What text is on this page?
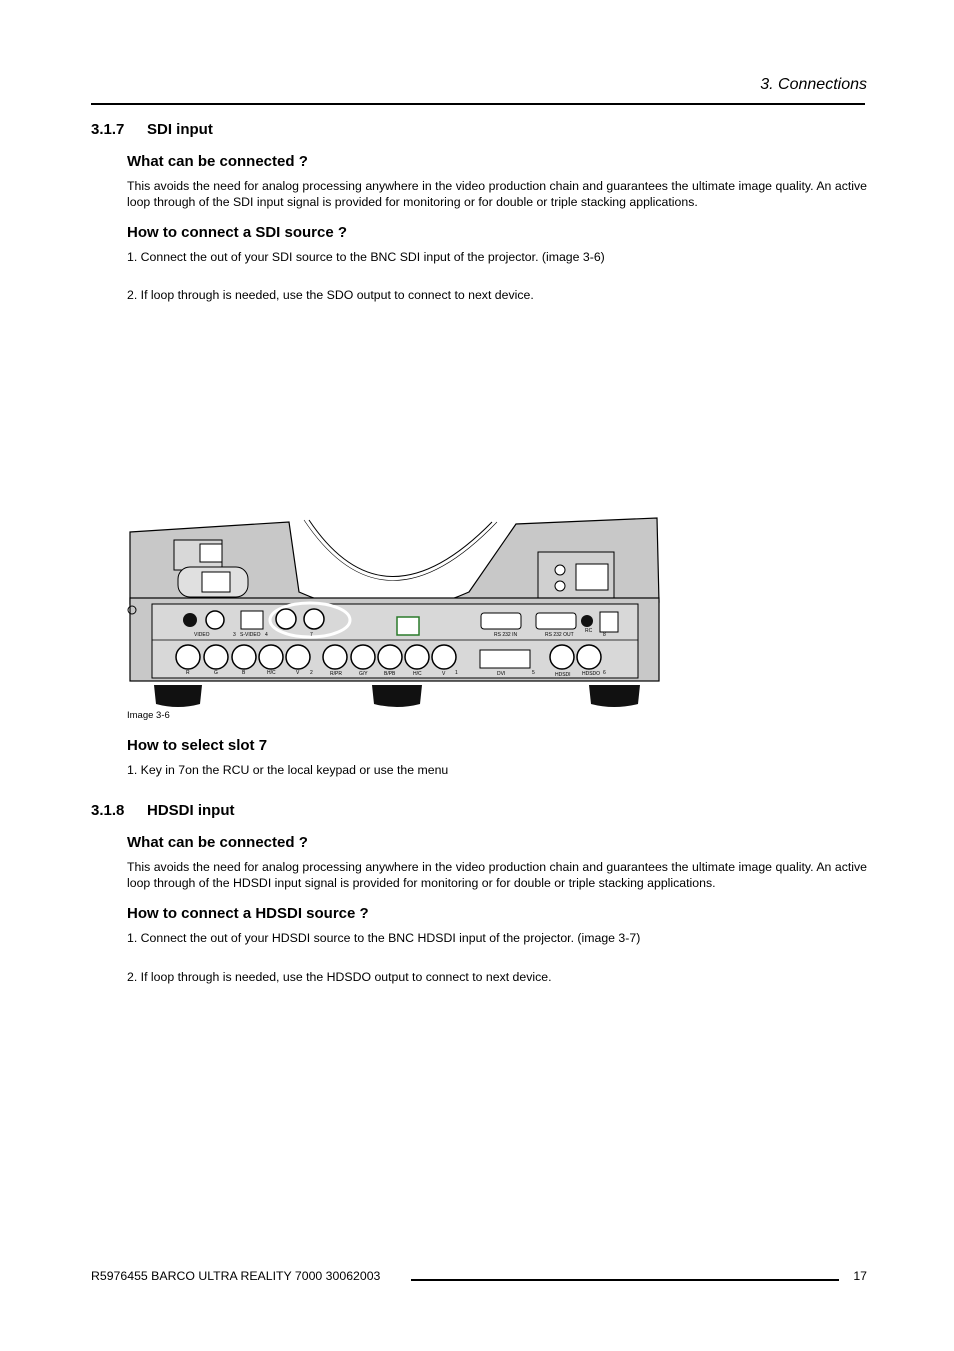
3. Connections
3.1.7 SDI input
What can be connected ?
This avoids the need for analog processing anywhere in the video production chain and guarantees the ultimate image quality. An active loop through of the SDI input signal is provided for monitoring or for double or triple stacking applications.
How to connect a SDI source ?
1. Connect the out of your SDI source to the BNC SDI input of the projector. (image 3-6)
2. If loop through is needed, use the SDO output to connect to next device.
VIDEO	3 S-VIDEO 4	7	RS 232 IN	RS 232 OUT
RC
R	G	B	H/C	V 2	R/PR	G/Y	B/PB	H/C	V 1	DVI	5	HDSDI HDSDO 6
8
Image 3-6
How to select slot 7
1. Key in 7on the RCU or the local keypad or use the menu
3.1.8 HDSDI input
What can be connected ?
This avoids the need for analog processing anywhere in the video production chain and guarantees the ultimate image quality. An active loop through of the HDSDI input signal is provided for monitoring or for double or triple stacking applications.
How to connect a HDSDI source ?
1. Connect the out of your HDSDI source to the BNC HDSDI input of the projector. (image 3-7)
2. If loop through is needed, use the HDSDO output to connect to next device.
R5976455 BARCO ULTRA REALITY 7000 30062003	17
